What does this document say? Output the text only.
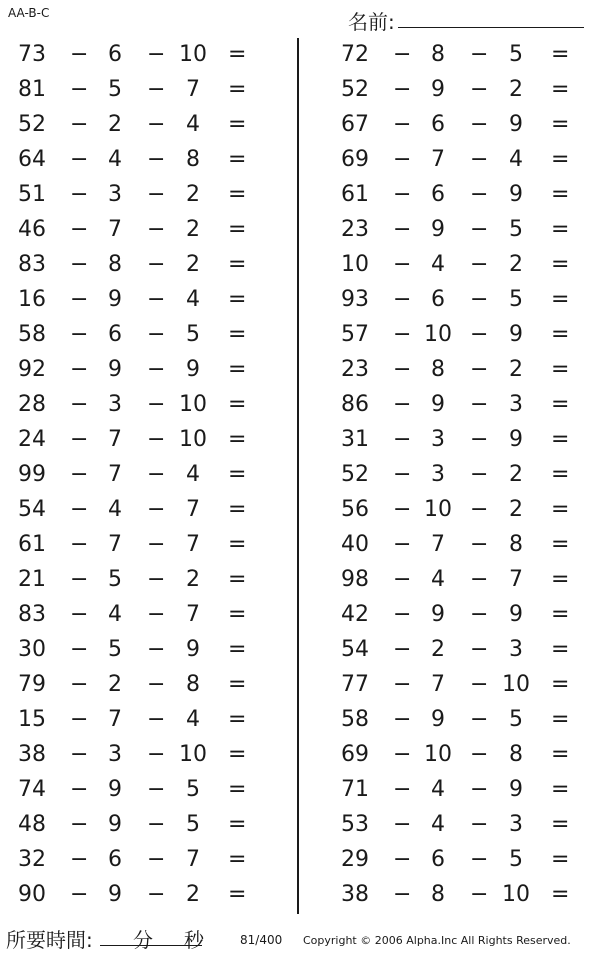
AA-B-C	名前:
73 − 6	− 10 =
81 − 5	− 7	=
52 − 2	− 4	=
64 − 4	− 8	=
51 − 3	− 2	=
46 − 7	− 2	=
83 − 8	− 2	=
16 − 9	− 4	=
58 − 6	− 5	=
92 − 9	− 9	=
28 − 3	− 10 =
24 − 7	− 10 =
99 − 7	− 4	=
54 − 4	− 7	=
61 − 7	− 7	=
21 − 5	− 2	=
83 − 4	− 7	=
30 − 5	− 9	=
79 − 2	− 8	=
15 − 7	− 4	=
38 − 3	− 10 =
74 − 9	− 5	=
48 − 9	− 5	=
32 − 6	− 7	=
90 − 9	− 2	=
72 − 8	− 5	=
52 − 9	− 2	=
67 − 6	− 9	=
69 − 7	− 4	=
61 − 6	− 9	=
23 − 9	− 5	=
10 − 4	− 2	=
93 − 6	− 5	=
57 − 10 − 9	=
23 − 8	− 2	=
86 − 9	− 3	=
31 − 3	− 9	=
52 − 3	− 2	=
56 − 10 − 2	=
40 − 7	− 8	=
98 − 4	− 7	=
42 − 9	− 9	=
54 − 2	− 3	=
77 − 7	− 10 =
58 − 9	− 5	=
69 − 10 − 8	=
71 − 4	− 9	=
53 − 4	− 3	=
29 − 6	− 5	=
38 − 8	− 10 =
所要時間: 分 秒	81/400 Copyright © 2006 Alpha.Inc All Rights Reserved.
